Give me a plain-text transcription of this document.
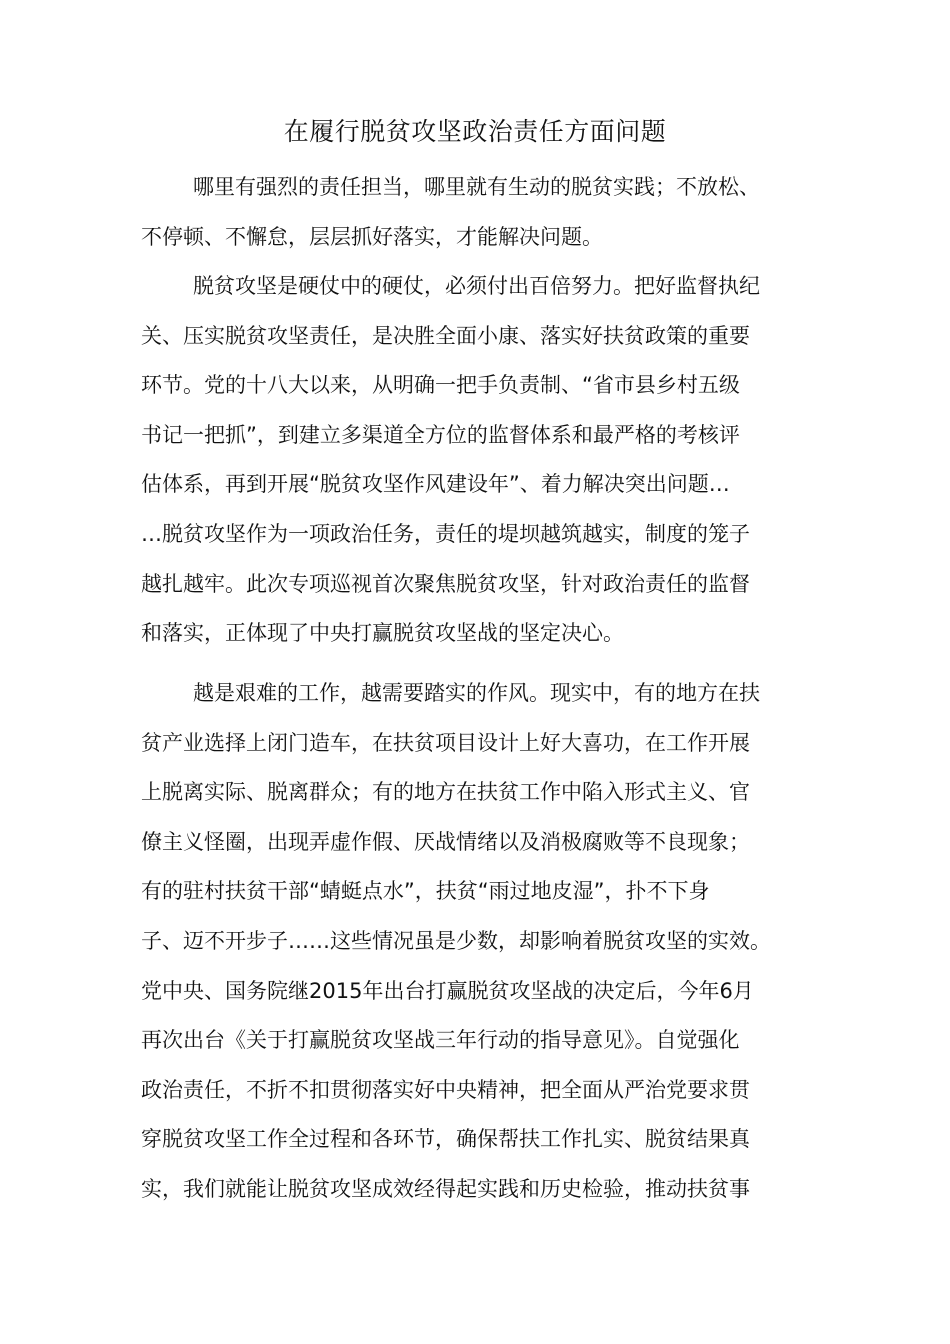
在履行脱贫攻坚政治责任方面问题
哪里有强烈的责任担当，哪里就有生动的脱贫实践；不放松、
不停顿、不懈怠，层层抓好落实，才能解决问题。
脱贫攻坚是硬仗中的硬仗，必须付出百倍努力。把好监督执纪
关、压实脱贫攻坚责任，是决胜全面小康、落实好扶贫政策的重要
环节。党的十八大以来，从明确一把手负责制、“省市县乡村五级
书记一把抓”，到建立多渠道全方位的监督体系和最严格的考核评
估体系，再到开展“脱贫攻坚作风建设年”、着力解决突出问题…
…脱贫攻坚作为一项政治任务，责任的堤坝越筑越实，制度的笼子
越扎越牢。此次专项巡视首次聚焦脱贫攻坚，针对政治责任的监督
和落实，正体现了中央打赢脱贫攻坚战的坚定决心。
越是艰难的工作，越需要踏实的作风。现实中，有的地方在扶
贫产业选择上闭门造车，在扶贫项目设计上好大喜功，在工作开展
上脱离实际、脱离群众；有的地方在扶贫工作中陷入形式主义、官
僚主义怪圈，出现弄虚作假、厌战情绪以及消极腐败等不良现象；
有的驻村扶贫干部“蜻蜓点水”，扶贫“雨过地皮湿”，扑不下身
子、迈不开步子……这些情况虽是少数，却影响着脱贫攻坚的实效。
党中央、国务院继2015年出台打赢脱贫攻坚战的决定后，今年6月
再次出台《关于打赢脱贫攻坚战三年行动的指导意见》。自觉强化
政治责任，不折不扣贯彻落实好中央精神，把全面从严治党要求贯
穿脱贫攻坚工作全过程和各环节，确保帮扶工作扎实、脱贫结果真
实，我们就能让脱贫攻坚成效经得起实践和历史检验，推动扶贫事
